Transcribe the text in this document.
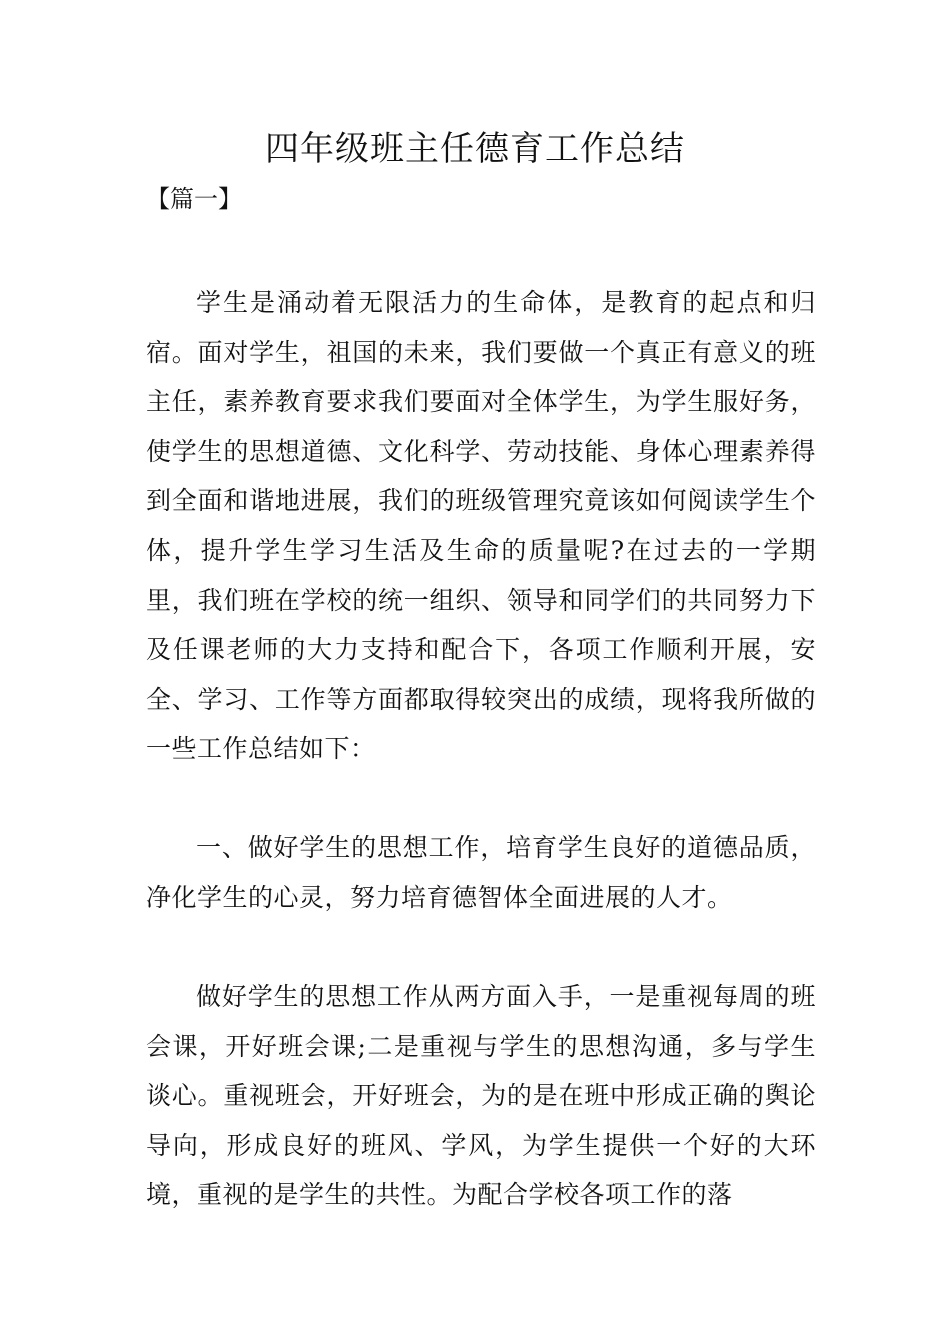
四年级班主任德育工作总结
【篇一】

学生是涌动着无限活力的生命体，是教育的起点和归宿。面对学生，祖国的未来，我们要做一个真正有意义的班主任，素养教育要求我们要面对全体学生，为学生服好务，使学生的思想道德、文化科学、劳动技能、身体心理素养得到全面和谐地进展，我们的班级管理究竟该如何阅读学生个体，提升学生学习生活及生命的质量呢?在过去的一学期里，我们班在学校的统一组织、领导和同学们的共同努力下及任课老师的大力支持和配合下，各项工作顺利开展，安全、学习、工作等方面都取得较突出的成绩，现将我所做的一些工作总结如下：

一、做好学生的思想工作，培育学生良好的道德品质，净化学生的心灵，努力培育德智体全面进展的人才。

做好学生的思想工作从两方面入手，一是重视每周的班会课，开好班会课;二是重视与学生的思想沟通，多与学生谈心。重视班会，开好班会，为的是在班中形成正确的舆论导向，形成良好的班风、学风，为学生提供一个好的大环境，重视的是学生的共性。为配合学校各项工作的落
